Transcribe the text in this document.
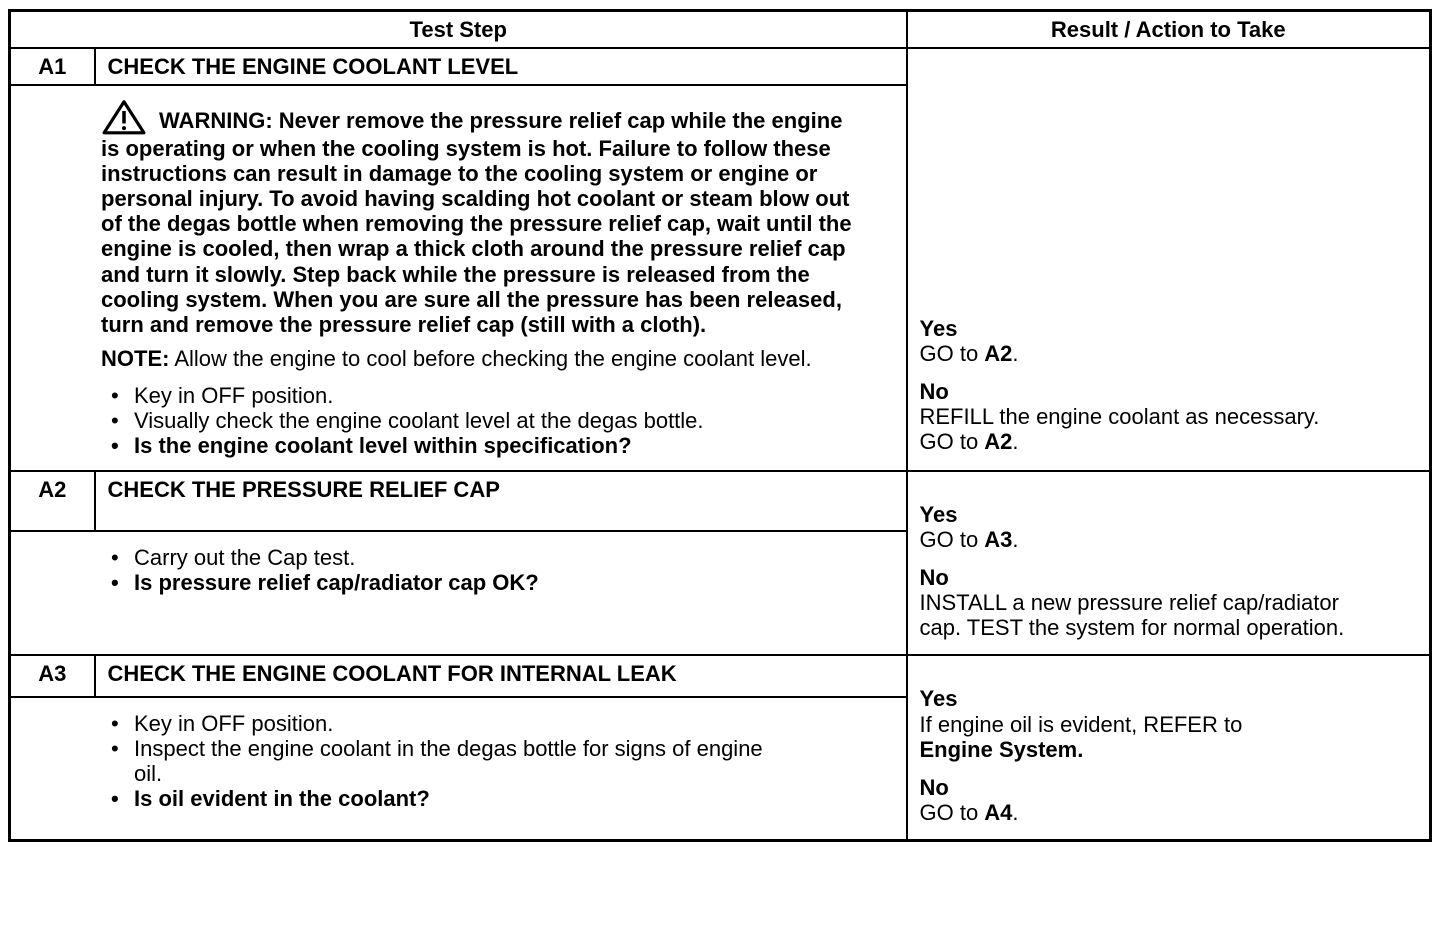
Test Step		Result / Action to Take
A1	CHECK THE ENGINE COOLANT LEVEL	Yes
GO to A2.
No
REFILL the engine coolant as necessary.
GO to A2.

WARNING: Never remove the pressure relief cap while the engine is operating or when the cooling system is hot. Failure to follow these instructions can result in damage to the cooling system or engine or personal injury. To avoid having scalding hot coolant or steam blow out of the degas bottle when removing the pressure relief cap, wait until the engine is cooled, then wrap a thick cloth around the pressure relief cap and turn it slowly. Step back while the pressure is released from the cooling system. When you are sure all the pressure has been released, turn and remove the pressure relief cap (still with a cloth).

NOTE: Allow the engine to cool before checking the engine coolant level.

• Key in OFF position.
• Visually check the engine coolant level at the degas bottle.
• Is the engine coolant level within specification?

A2	CHECK THE PRESSURE RELIEF CAP	Yes
GO to A3.
No
INSTALL a new pressure relief cap/radiator cap. TEST the system for normal operation.

• Carry out the Cap test.
• Is pressure relief cap/radiator cap OK?

A3	CHECK THE ENGINE COOLANT FOR INTERNAL LEAK	Yes
If engine oil is evident, REFER to
Engine System.
No
GO to A4.

• Key in OFF position.
• Inspect the engine coolant in the degas bottle for signs of engine oil.
• Is oil evident in the coolant?
